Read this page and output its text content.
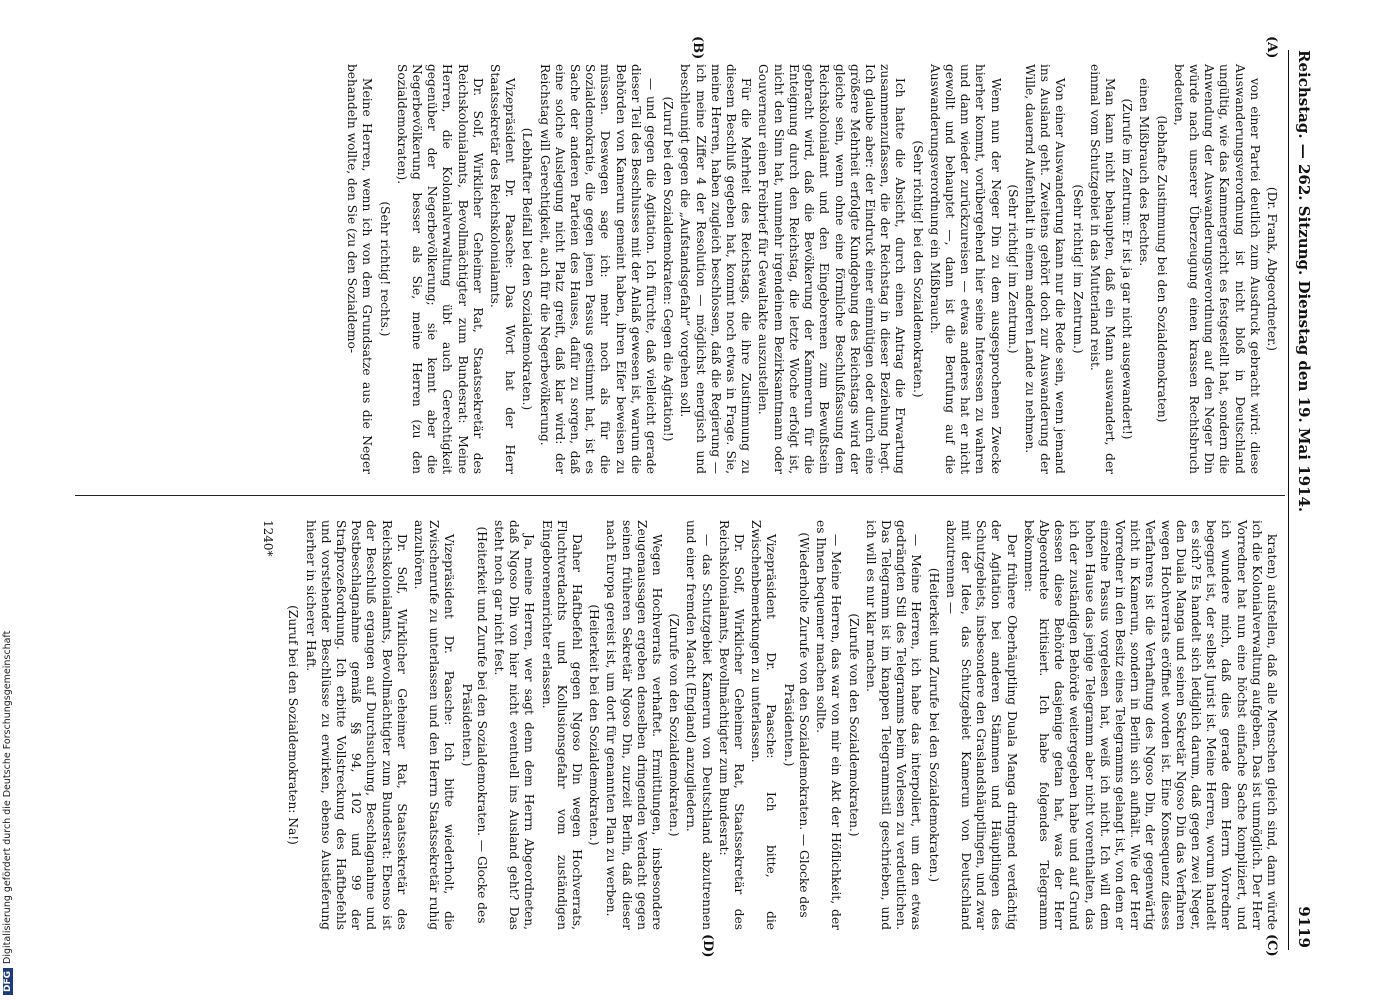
Reichstag. — 262. Sitzung. Dienstag den 19. Mai 1914.
9119
(A)
(B)
(C)
(D)

(Dr. Frank, Abgeordneter.)

von einer Partei deutlich zum Ausdruck gebracht wird: diese Auswanderungsverordnung ist nicht bloß in Deutschland ungültig, wie das Kammergericht es festgestellt hat, sondern die Anwendung der Auswanderungsverordnung auf den Neger Din würde nach unserer Überzeugung einen krassen Rechtsbruch bedeuten,

(lebhafte Zustimmung bei den Sozialdemokraten)

einen Mißbrauch des Rechtes.

(Zurufe im Zentrum: Er ist ja gar nicht ausgewandert!)

Man kann nicht behaupten, daß ein Mann auswandert, der einmal vom Schutzgebiet in das Mutterland reist.

(Sehr richtig! im Zentrum.)

Von einer Auswanderung kann nur die Rede sein, wenn jemand ins Ausland geht. Zweitens gehört doch zur Auswanderung der Wille, dauernd Aufenthalt in einem anderen Lande zu nehmen.

(Sehr richtig! im Zentrum.)

Wenn nun der Neger Din zu dem ausgesprochenen Zwecke hierher kommt, vorübergehend hier seine Interessen zu wahren und dann wieder zurückzureisen — etwas anderes hat er nicht gewollt und behauptet —, dann ist die Berufung auf die Auswanderungsverordnung ein Mißbrauch.

(Sehr richtig! bei den Sozialdemokraten.)

Ich hatte die Absicht, durch einen Antrag die Erwartung zusammenzufassen, die der Reichstag in dieser Beziehung hegt. Ich glaube aber: der Eindruck einer einmütigen oder durch eine größere Mehrheit erfolgte Kundgebung des Reichstags wird der gleiche sein, wenn ohne eine förmliche Beschlußfassung dem Reichskolonialamt und den Eingeborenen zum Bewußtsein gebracht wird, daß die Bevölkerung der Kammerun für die Enteignung durch den Reichstag, die letzte Woche erfolgt ist, nicht den Sinn hat, nunmehr irgendeinem Bezirksamtmann oder Gouverneur einen Freibrief für Gewaltakte auszustellen.

Für die Mehrheit des Reichstags, die ihre Zustimmung zu diesem Beschluß gegeben hat, kommt noch etwas in Frage. Sie, meine Herren, haben zugleich beschlossen, daß die Regierung — ich meine Ziffer 4 der Resolution — möglichst energisch und beschleunigt gegen die „Aufstandsgefahr“ vorgehen soll.

(Zuruf bei den Sozialdemokraten: Gegen die Agitation!)

— und gegen die Agitation. Ich fürchte, daß vielleicht gerade dieser Teil des Beschlusses mit der Anlaß gewesen ist, warum die Behörden von Kamerun gemeint haben, ihren Eifer beweisen zu müssen. Deswegen sage ich: mehr noch als für die Sozialdemokratie, die gegen jenen Passus gestimmt hat, ist es Sache der anderen Parteien des Hauses, dafür zu sorgen, daß eine solche Auslegung nicht Platz greift, daß klar wird: der Reichstag will Gerechtigkeit, auch für die Negerbevölkerung.

(Lebhafter Beifall bei den Sozialdemokraten.)

Vizepräsident Dr. Paasche: Das Wort hat der Herr Staatssekretär des Reichskolonialamts.

Dr. Solf, Wirklicher Geheimer Rat, Staatssekretär des Reichskolonialamts, Bevollmächtigter zum Bundesrat: Meine Herren, die Kolonialverwaltung übt auch Gerechtigkeit gegenüber der Negerbevölkerung; sie kennt aber die Negerbevölkerung besser als Sie, meine Herren (zu den Sozialdemokraten).

(Sehr richtig! rechts.)

Meine Herren, wenn ich von dem Grundsatze aus die Neger behandeln wollte, den Sie (zu den Sozialdemo-

kraten) aufstellen, daß alle Menschen gleich sind, dann würde ich die Kolonialverwaltung aufgeben. Das ist unmöglich. Der Herr Vorredner hat nun eine höchst einfache Sache kompliziert, und ich wundere mich, daß dies gerade dem Herrn Vorredner begegnet ist, der selbst Jurist ist. Meine Herren, worum handelt es sich? Es handelt sich lediglich darum, daß gegen zwei Neger, den Duala Manga und seinen Sekretär Ngoso Din das Verfahren wegen Hochverrats eröffnet worden ist. Eine Konsequenz dieses Verfahrens ist die Verhaftung des Ngoso Din, der gegenwärtig nicht in Kamerun, sondern in Berlin sich aufhält. Wie der Herr Vorredner in den Besitz eines Telegramms gelangt ist, von dem er einzelne Passus vorgelesen hat, weiß ich nicht. Ich will dem hohen Hause das jenige Telegramm aber nicht vorenthalten, das ich der zuständigen Behörde weitergegeben habe und auf Grund dessen diese Behörde dasjenige getan hat, was der Herr Abgeordnete kritisiert. Ich habe folgendes Telegramm bekommen:

Der frühere Oberhäuptling Duala Manga dringend verdächtig der Agitation bei anderen Stämmen und Häuptlingen des Schutzgebiets, insbesondere den Graslandshäuptlingen, und zwar mit der Idee, das Schutzgebiet Kamerun von Deutschland abzutrennen —

(Heiterkeit und Zurufe bei den Sozialdemokraten.)

— Meine Herren, ich habe das interpoliert, um den etwas gedrängten Stil des Telegramms beim Vorlesen zu verdeutlichen. Das Telegramm ist im knappen Telegrammstil geschrieben, und ich will es nur klar machen.

(Zurufe von den Sozialdemokraten.)

— Meine Herren, das war von mir ein Akt der Höflichkeit, der es Ihnen bequemer machen sollte.

(Wiederholte Zurufe von den Sozialdemokraten. — Glocke des Präsidenten.)

Vizepräsident Dr. Paasche: Ich bitte, die Zwischenbemerkungen zu unterlassen.

Dr. Solf, Wirklicher Geheimer Rat, Staatssekretär des Reichskolonialamts, Bevollmächtigter zum Bundesrat:

— das Schutzgebiet Kamerun von Deutschland abzutrennen und einer fremden Macht (England) anzugliedern.

(Zurufe von den Sozialdemokraten.)

Wegen Hochverrats verhaftet. Ermittlungen, insbesondere Zeugenaussagen ergeben denselben dringenden Verdacht gegen seinen früheren Sekretär Ngoso Din, zurzeit Berlin, daß dieser nach Europa gereist ist, um dort für genannten Plan zu werben.

(Heiterkeit bei den Sozialdemokraten.)

Daher Haftbefehl gegen Ngoso Din wegen Hochverrats, Fluchtverdachts und Kollusionsgefahr vom zuständigen Eingeborenenrichter erlassen.

Ja, meine Herren, wer sagt denn dem Herrn Abgeordneten, daß Ngoso Din von hier nicht eventuell ins Ausland geht? Das steht noch gar nicht fest.

(Heiterkeit und Zurufe bei den Sozialdemokraten. — Glocke des Präsidenten.)

Vizepräsident Dr. Paasche: Ich bitte wiederholt, die Zwischenrufe zu unterlassen und den Herrn Staatssekretär ruhig anzuhören.

Dr. Solf, Wirklicher Geheimer Rat, Staatssekretär des Reichskolonialamts, Bevollmächtigter zum Bundesrat: Ebenso ist der Beschluß ergangen auf Durchsuchung, Beschlagnahme und Postbeschlagnahme gemäß §§ 94, 102 und 99 der Strafprozeßordnung. Ich erbitte Vollstreckung des Haftbefehls und vorstehender Beschlüsse zu erwirken, ebenso Austieferung hierher in sicherer Haft.

(Zuruf bei den Sozialdemokraten: Na!)

1240*
DFGDigitalisierung gefördert durch die Deutsche Forschungsgemeinschaft
